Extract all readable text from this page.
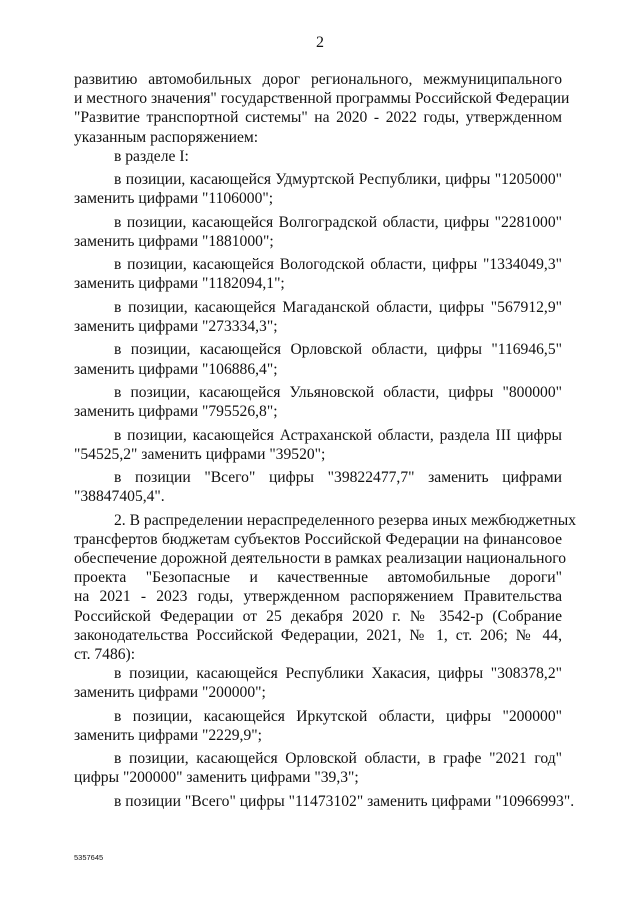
2
развитию автомобильных дорог регионального, межмуниципального
и местного значения" государственной программы Российской Федерации
"Развитие транспортной системы" на 2020 - 2022 годы, утвержденном
указанным распоряжением:
в разделе I:
в позиции, касающейся Удмуртской Республики, цифры "1205000"
заменить цифрами "1106000";
в позиции, касающейся Волгоградской области, цифры "2281000"
заменить цифрами "1881000";
в позиции, касающейся Вологодской области, цифры "1334049,3"
заменить цифрами "1182094,1";
в позиции, касающейся Магаданской области, цифры "567912,9"
заменить цифрами "273334,3";
в позиции, касающейся Орловской области, цифры "116946,5"
заменить цифрами "106886,4";
в позиции, касающейся Ульяновской области, цифры "800000"
заменить цифрами "795526,8";
в позиции, касающейся Астраханской области, раздела III цифры
"54525,2" заменить цифрами "39520";
в позиции "Всего" цифры "39822477,7" заменить цифрами
"38847405,4".
2. В распределении нераспределенного резерва иных межбюджетных
трансфертов бюджетам субъектов Российской Федерации на финансовое
обеспечение дорожной деятельности в рамках реализации национального
проекта "Безопасные и качественные автомобильные дороги"
на 2021 - 2023 годы, утвержденном распоряжением Правительства
Российской Федерации от 25 декабря 2020 г. № 3542-р (Собрание
законодательства Российской Федерации, 2021, № 1, ст. 206; № 44,
ст. 7486):
в позиции, касающейся Республики Хакасия, цифры "308378,2"
заменить цифрами "200000";
в позиции, касающейся Иркутской области, цифры "200000"
заменить цифрами "2229,9";
в позиции, касающейся Орловской области, в графе "2021 год"
цифры "200000" заменить цифрами "39,3";
в позиции "Всего" цифры "11473102" заменить цифрами "10966993".
5357645
